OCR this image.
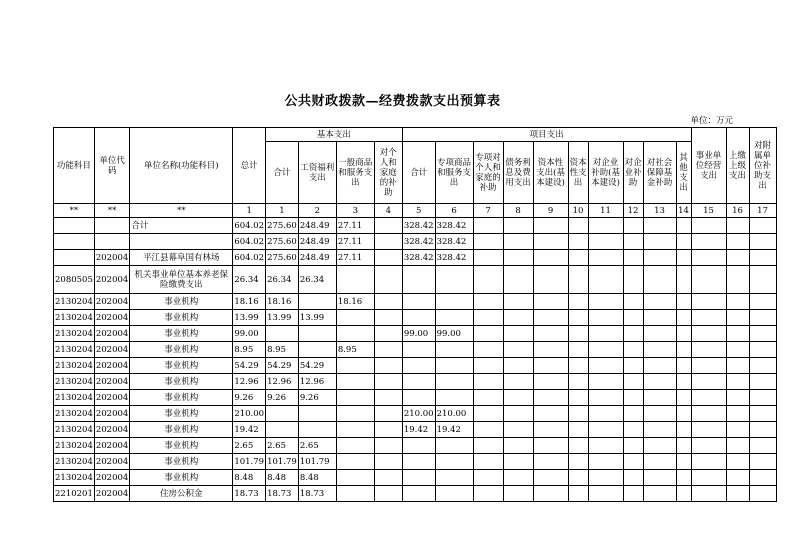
公共财政拨款—经费拨款支出预算表
单位：万元
功能科目	单位代码	单位名称(功能科目)	总计	基本支出				项目支出										事业单位经营支出	上缴上级支出	对附属单位补助支出
				合计	工资福利支出	一般商品和服务支出	对个人和家庭的补助	合计	专项商品和服务支出	专项对个人和家庭的补助	债务利息及费用支出	资本性支出(基本建设)	资本性支出	对企业补助(基本建设)	对企业补助	对社会保障基金补助	其他支出			
**	**	**	1	1	2	3	4	5	6	7	8	9	10	11	12	13	14	15	16	17
		合计	604.02	275.60	248.49	27.11		328.42	328.42											
			604.02	275.60	248.49	27.11		328.42	328.42											
	202004	平江县幕阜国有林场	604.02	275.60	248.49	27.11		328.42	328.42											
2080505	202004	机关事业单位基本养老保险缴费支出	26.34	26.34	26.34															
2130204	202004	事业机构	18.16	18.16		18.16														
2130204	202004	事业机构	13.99	13.99	13.99															
2130204	202004	事业机构	99.00					99.00	99.00											
2130204	202004	事业机构	8.95	8.95		8.95														
2130204	202004	事业机构	54.29	54.29	54.29															
2130204	202004	事业机构	12.96	12.96	12.96															
2130204	202004	事业机构	9.26	9.26	9.26															
2130204	202004	事业机构	210.00					210.00	210.00											
2130204	202004	事业机构	19.42					19.42	19.42											
2130204	202004	事业机构	2.65	2.65	2.65															
2130204	202004	事业机构	101.79	101.79	101.79															
2130204	202004	事业机构	8.48	8.48	8.48															
2210201	202004	住房公积金	18.73	18.73	18.73															
